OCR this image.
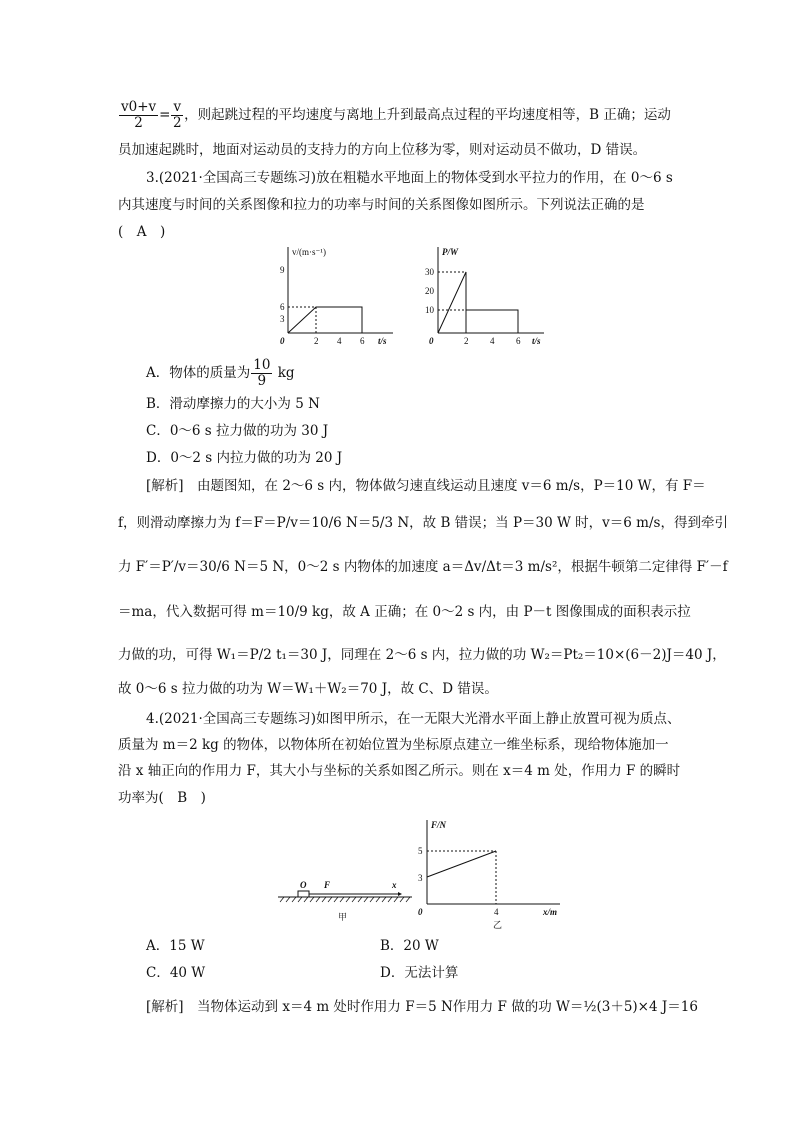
$\frac{v0+v}{2} = \frac{v}{2}$ ，则起跳过程的平均速度与离地上升到最高点过程的平均速度相等，B 正确；运动
员加速起跳时，地面对运动员的支持力的方向上位移为零，则对运动员不做功，D 错误。
3.(2021·全国高三专题练习)放在粗糙水平地面上的物体受到水平拉力的作用，在 0～6 s
内其速度与时间的关系图像和拉力的功率与时间的关系图像如图所示。下列说法正确的是
(　A　)
v/(m·s⁻¹)
9
6
3
0	2 4 6 t/s
P/W
30
20
10
0	2 4 6 t/s
A．物体的质量为 $\frac{10}{9}$ kg
B．滑动摩擦力的大小为 5 N
C．0～6 s 拉力做的功为 30 J
D．0～2 s 内拉力做的功为 20 J
[解析]　由题图知，在 2～6 s 内，物体做匀速直线运动且速度 v＝6 m/s，P＝10 W，有 F＝
f，则滑动摩擦力为 f＝F＝P/v＝10/6 N＝5/3 N，故 B 错误；当 P＝30 W 时，v＝6 m/s，得到牵引
力 F′＝P′/v＝30/6 N＝5 N，0～2 s 内物体的加速度 a＝Δv/Δt＝3 m/s²，根据牛顿第二定律得 F′－f
＝ma，代入数据可得 m＝10/9 kg，故 A 正确；在 0～2 s 内，由 P－t 图像围成的面积表示拉
力做的功，可得 W₁＝P/2 t₁＝30 J，同理在 2～6 s 内，拉力做的功 W₂＝Pt₂＝10×(6－2)J＝40 J，
故 0～6 s 拉力做的功为 W＝W₁＋W₂＝70 J，故 C、D 错误。
4.(2021·全国高三专题练习)如图甲所示，在一无限大光滑水平面上静止放置可视为质点、
质量为 m＝2 kg 的物体，以物体所在初始位置为坐标原点建立一维坐标系，现给物体施加一
沿 x 轴正向的作用力 F，其大小与坐标的关系如图乙所示。则在 x＝4 m 处，作用力 F 的瞬时
功率为(　B　)
O F	x
甲
F/N
5
3
0	4	x/m
乙
A．15 W	B．20 W
C．40 W	D．无法计算
[解析]　当物体运动到 x＝4 m 处时作用力 F＝5 N作用力 F 做的功 W＝½(3＋5)×4 J＝16
